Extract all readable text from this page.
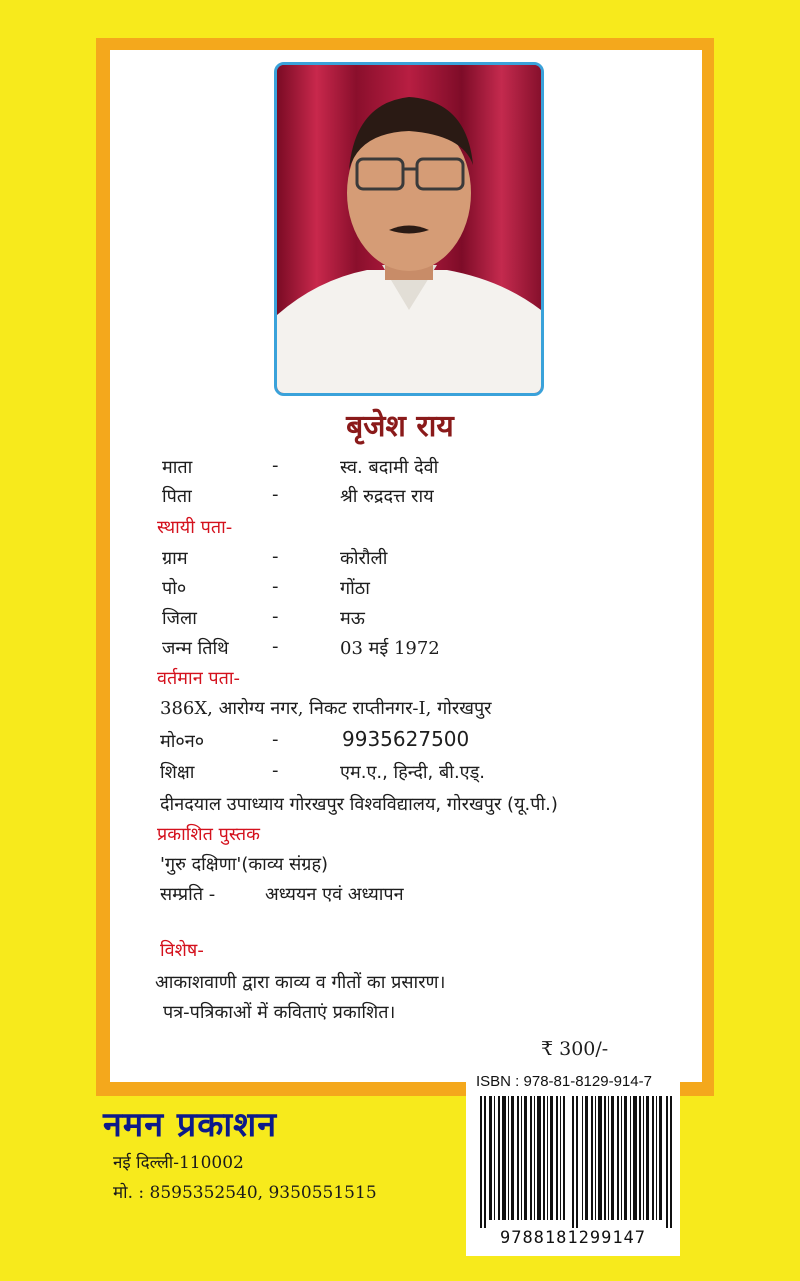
बृजेश राय
माता	-	स्व. बदामी देवी
पिता	-	श्री रुद्रदत्त राय
स्थायी पता-
ग्राम	-	कोरौली
पो०	-	गोंठा
जिला	-	मऊ
जन्म तिथि -	03 मई 1972
वर्तमान पता-
386X, आरोग्य नगर, निकट राप्तीनगर-I, गोरखपुर
मो०न०	-	9935627500
शिक्षा	-	एम.ए., हिन्दी, बी.एड्.
दीनदयाल उपाध्याय गोरखपुर विश्वविद्यालय, गोरखपुर (यू.पी.)
प्रकाशित पुस्तक
'गुरु दक्षिणा'(काव्य संग्रह)
सम्प्रति -	अध्ययन एवं अध्यापन
विशेष-
आकाशवाणी द्वारा काव्य व गीतों का प्रसारण।
पत्र-पत्रिकाओं में कविताएं प्रकाशित।
₹ 300/-
नमन प्रकाशन
नई दिल्ली-110002
मो. : 8595352540, 9350551515
ISBN : 978-81-8129-914-7
9788181299147
